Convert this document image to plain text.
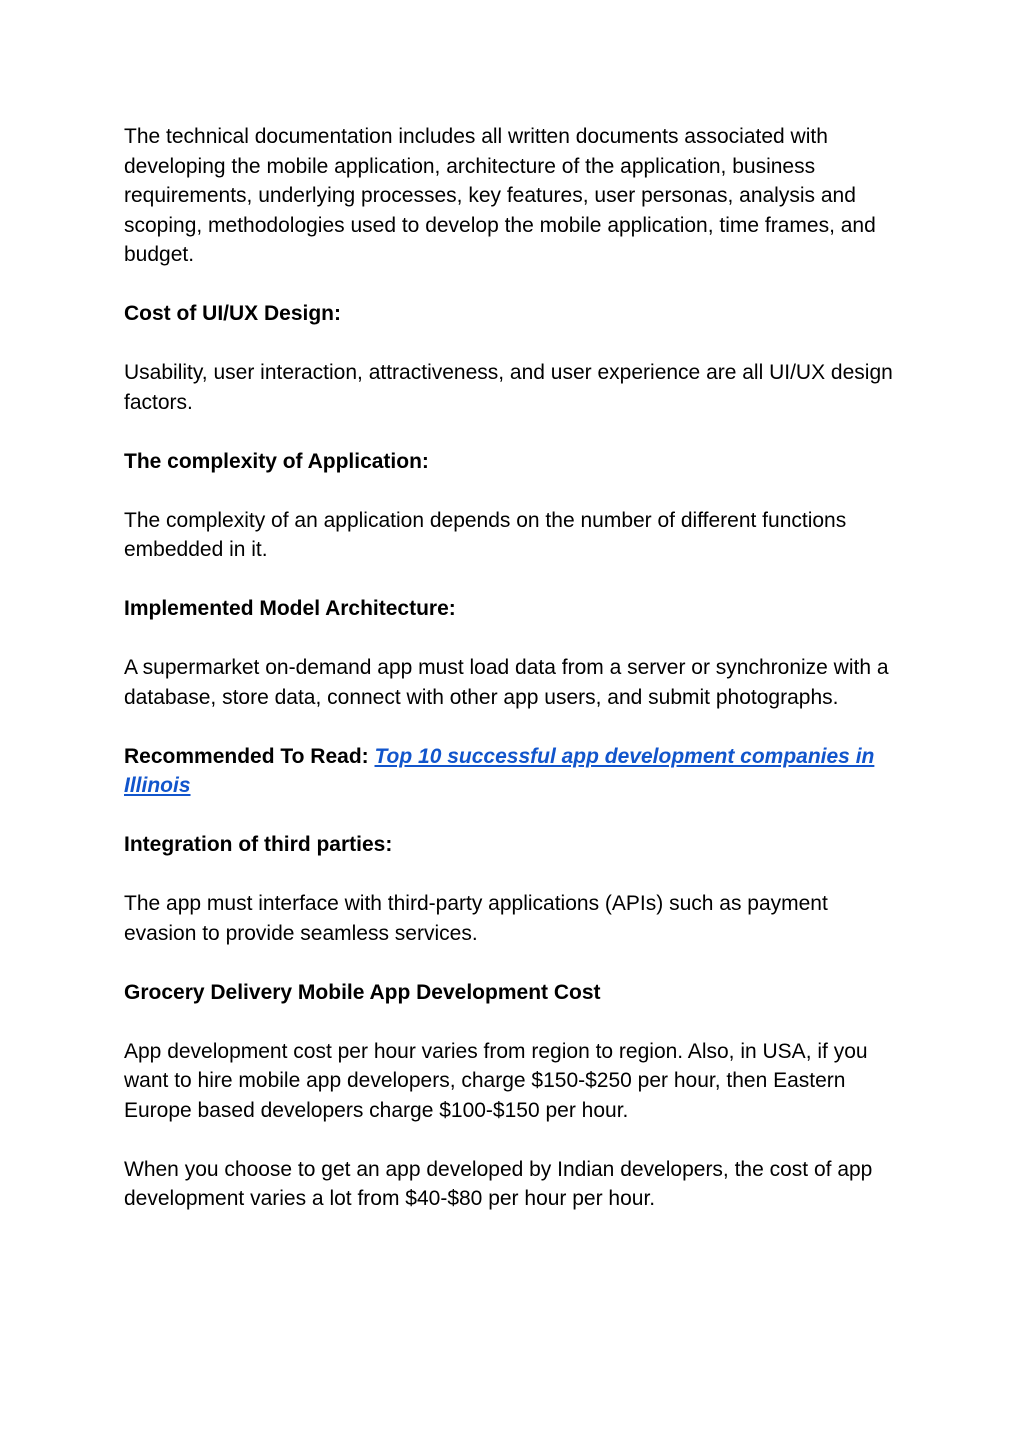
The technical documentation includes all written documents associated with developing the mobile application, architecture of the application, business requirements, underlying processes, key features, user personas, analysis and scoping, methodologies used to develop the mobile application, time frames, and budget.

Cost of UI/UX Design:

Usability, user interaction, attractiveness, and user experience are all UI/UX design factors.

The complexity of Application:

The complexity of an application depends on the number of different functions embedded in it.

Implemented Model Architecture:

A supermarket on-demand app must load data from a server or synchronize with a database, store data, connect with other app users, and submit photographs.

Recommended To Read: Top 10 successful app development companies in Illinois

Integration of third parties:

The app must interface with third-party applications (APIs) such as payment evasion to provide seamless services.

Grocery Delivery Mobile App Development Cost

App development cost per hour varies from region to region. Also, in USA, if you want to hire mobile app developers, charge $150-$250 per hour, then Eastern Europe based developers charge $100-$150 per hour.

When you choose to get an app developed by Indian developers, the cost of app development varies a lot from $40-$80 per hour per hour.
